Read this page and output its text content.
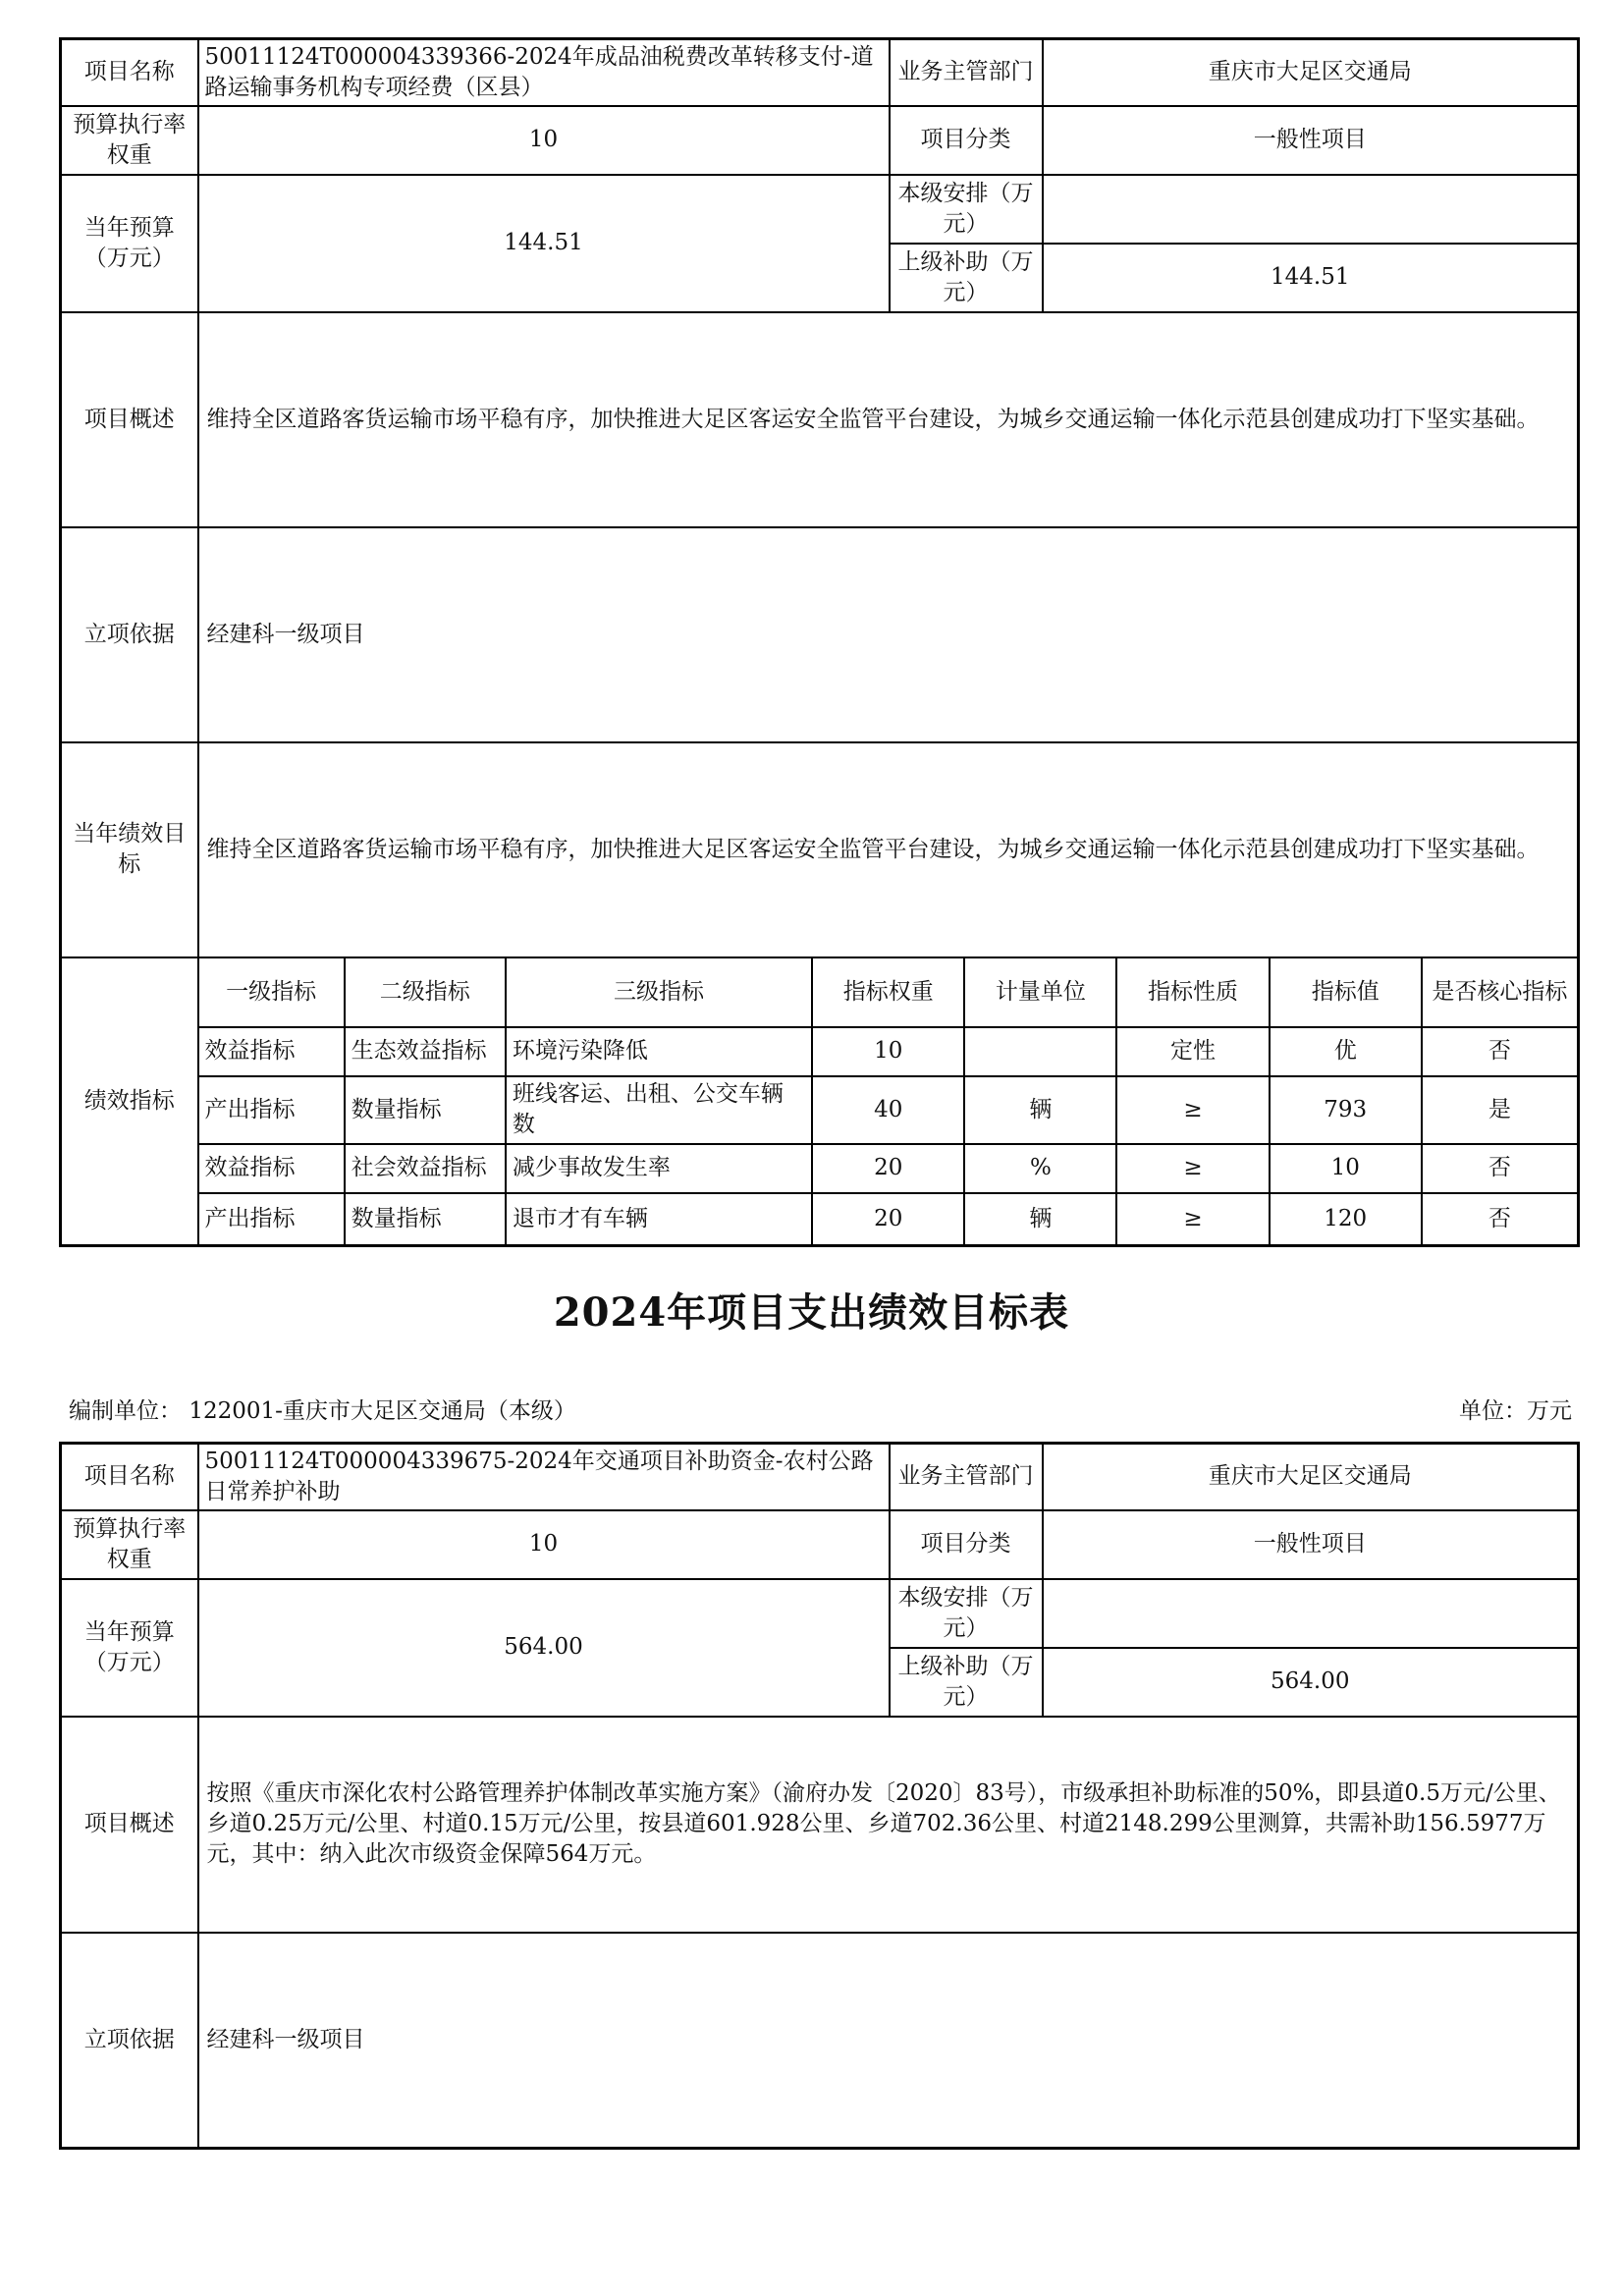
项目名称	50011124T000004339366-2024年成品油税费改革转移支付-道路运输事务机构专项经费（区县）	业务主管部门	重庆市大足区交通局
预算执行率权重	10	项目分类	一般性项目
当年预算（万元）	144.51	本级安排（万元）	
上级补助（万元）	144.51
项目概述	维持全区道路客货运输市场平稳有序，加快推进大足区客运安全监管平台建设，为城乡交通运输一体化示范县创建成功打下坚实基础。
立项依据	经建科一级项目
当年绩效目标	维持全区道路客货运输市场平稳有序，加快推进大足区客运安全监管平台建设，为城乡交通运输一体化示范县创建成功打下坚实基础。
绩效指标	
一级指标	二级指标	三级指标	指标权重	计量单位	指标性质	指标值	是否核心指标
效益指标	生态效益指标	环境污染降低	10		定性	优	否
产出指标	数量指标	班线客运、出租、公交车辆数	40	辆	≥	793	是
效益指标	社会效益指标	减少事故发生率	20	%	≥	10	否
产出指标	数量指标	退市才有车辆	20	辆	≥	120	否
2024年项目支出绩效目标表
编制单位： 122001-重庆市大足区交通局（本级）	单位：万元
项目名称	50011124T000004339675-2024年交通项目补助资金-农村公路日常养护补助	业务主管部门	重庆市大足区交通局
预算执行率权重	10	项目分类	一般性项目
当年预算（万元）	564.00	本级安排（万元）	
		上级补助（万元）	564.00
项目概述	按照《重庆市深化农村公路管理养护体制改革实施方案》（渝府办发〔2020〕83号），市级承担补助标准的50%，即县道0.5万元/公里、乡道0.25万元/公里、村道0.15万元/公里，按县道601.928公里、乡道702.36公里、村道2148.299公里测算，共需补助156.5977万元，其中：纳入此次市级资金保障564万元。		
立项依据	经建科一级项目		
